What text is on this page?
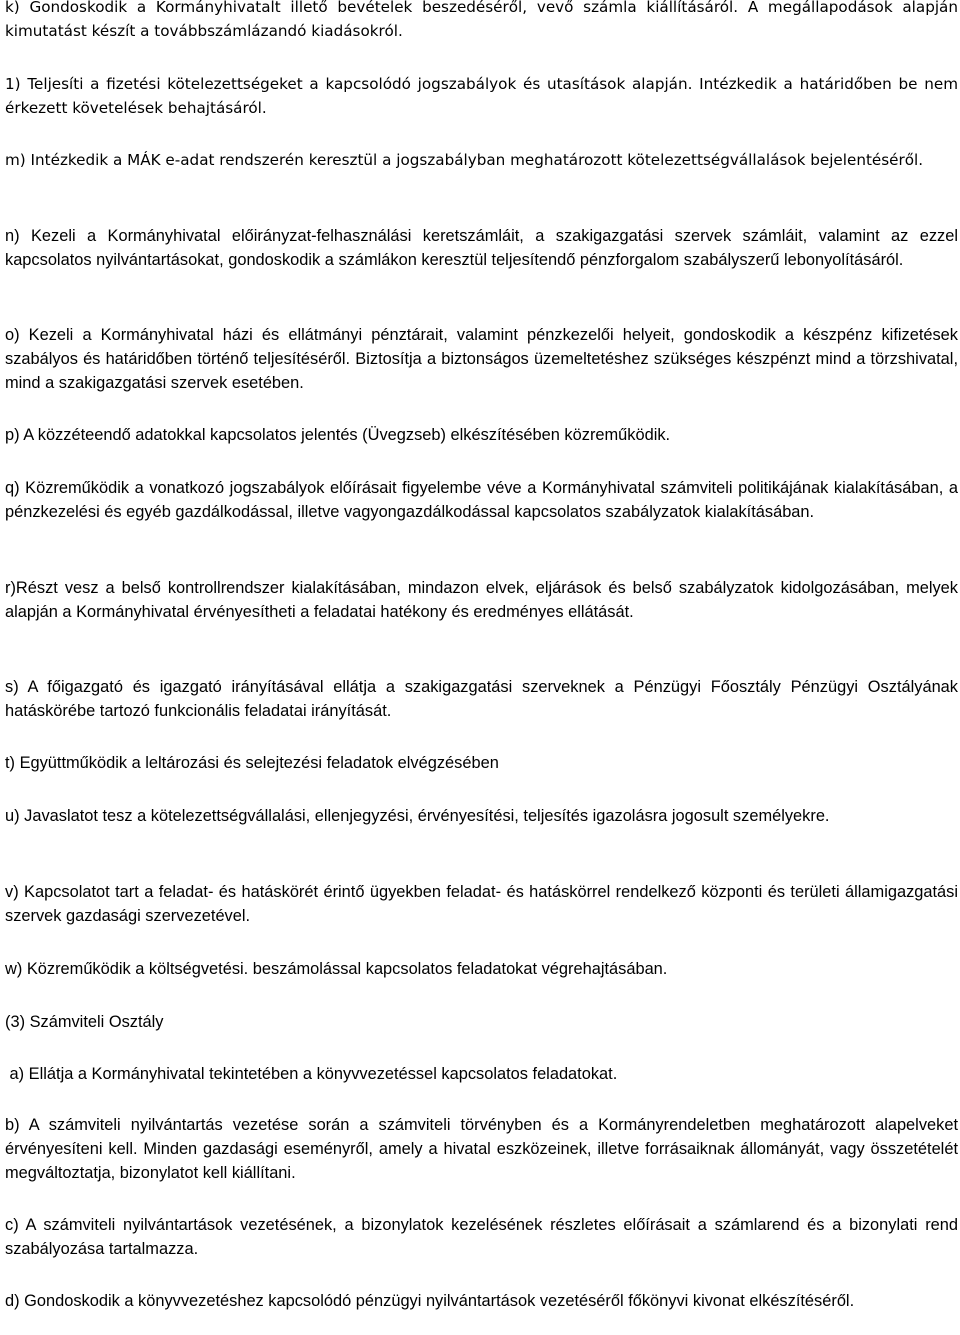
k) Gondoskodik a Kormányhivatalt illető bevételek beszedéséről, vevő számla kiállításáról. A megállapodások alapján kimutatást készít a továbbszámlázandó kiadásokról.

1) Teljesíti a fizetési kötelezettségeket a kapcsolódó jogszabályok és utasítások alapján. Intézkedik a határidőben be nem érkezett követelések behajtásáról.

m) Intézkedik a MÁK e-adat rendszerén keresztül a jogszabályban meghatározott kötelezettségvállalások bejelentéséről.

n) Kezeli a Kormányhivatal előirányzat-felhasználási keretszámláit, a szakigazgatási szervek számláit, valamint az ezzel kapcsolatos nyilvántartásokat, gondoskodik a számlákon keresztül teljesítendő pénzforgalom szabályszerű lebonyolításáról.

o) Kezeli a Kormányhivatal házi és ellátmányi pénztárait, valamint pénzkezelői helyeit, gondoskodik a készpénz kifizetések szabályos és határidőben történő teljesítéséről. Biztosítja a biztonságos üzemeltetéshez szükséges készpénzt mind a törzshivatal, mind a szakigazgatási szervek esetében.

p) A közzéteendő adatokkal kapcsolatos jelentés (Üvegzseb) elkészítésében közreműködik.

q) Közreműködik a vonatkozó jogszabályok előírásait figyelembe véve a Kormányhivatal számviteli politikájának kialakításában, a pénzkezelési és egyéb gazdálkodással, illetve vagyongazdálkodással kapcsolatos szabályzatok kialakításában.

r)Részt vesz a belső kontrollrendszer kialakításában, mindazon elvek, eljárások és belső szabályzatok kidolgozásában, melyek alapján a Kormányhivatal érvényesítheti a feladatai hatékony és eredményes ellátását.

s) A főigazgató és igazgató irányításával ellátja a szakigazgatási szerveknek a Pénzügyi Főosztály Pénzügyi Osztályának hatáskörébe tartozó funkcionális feladatai irányítását.

t) Együttműködik a leltározási és selejtezési feladatok elvégzésében

u) Javaslatot tesz a kötelezettségvállalási, ellenjegyzési, érvényesítési, teljesítés igazolásra jogosult személyekre.

v) Kapcsolatot tart a feladat- és hatáskörét érintő ügyekben feladat- és hatáskörrel rendelkező központi és területi államigazgatási szervek gazdasági szervezetével.

w) Közreműködik a költségvetési. beszámolással kapcsolatos feladatokat végrehajtásában.

(3) Számviteli Osztály

a) Ellátja a Kormányhivatal tekintetében a könyvvezetéssel kapcsolatos feladatokat.

b) A számviteli nyilvántartás vezetése során a számviteli törvényben és a Kormányrendeletben meghatározott alapelveket érvényesíteni kell. Minden gazdasági eseményről, amely a hivatal eszközeinek, illetve forrásaiknak állományát, vagy összetételét megváltoztatja, bizonylatot kell kiállítani.

c) A számviteli nyilvántartások vezetésének, a bizonylatok kezelésének részletes előírásait a számlarend és a bizonylati rend szabályozása tartalmazza.

d) Gondoskodik a könyvvezetéshez kapcsolódó pénzügyi nyilvántartások vezetéséről főkönyvi kivonat elkészítéséről.
